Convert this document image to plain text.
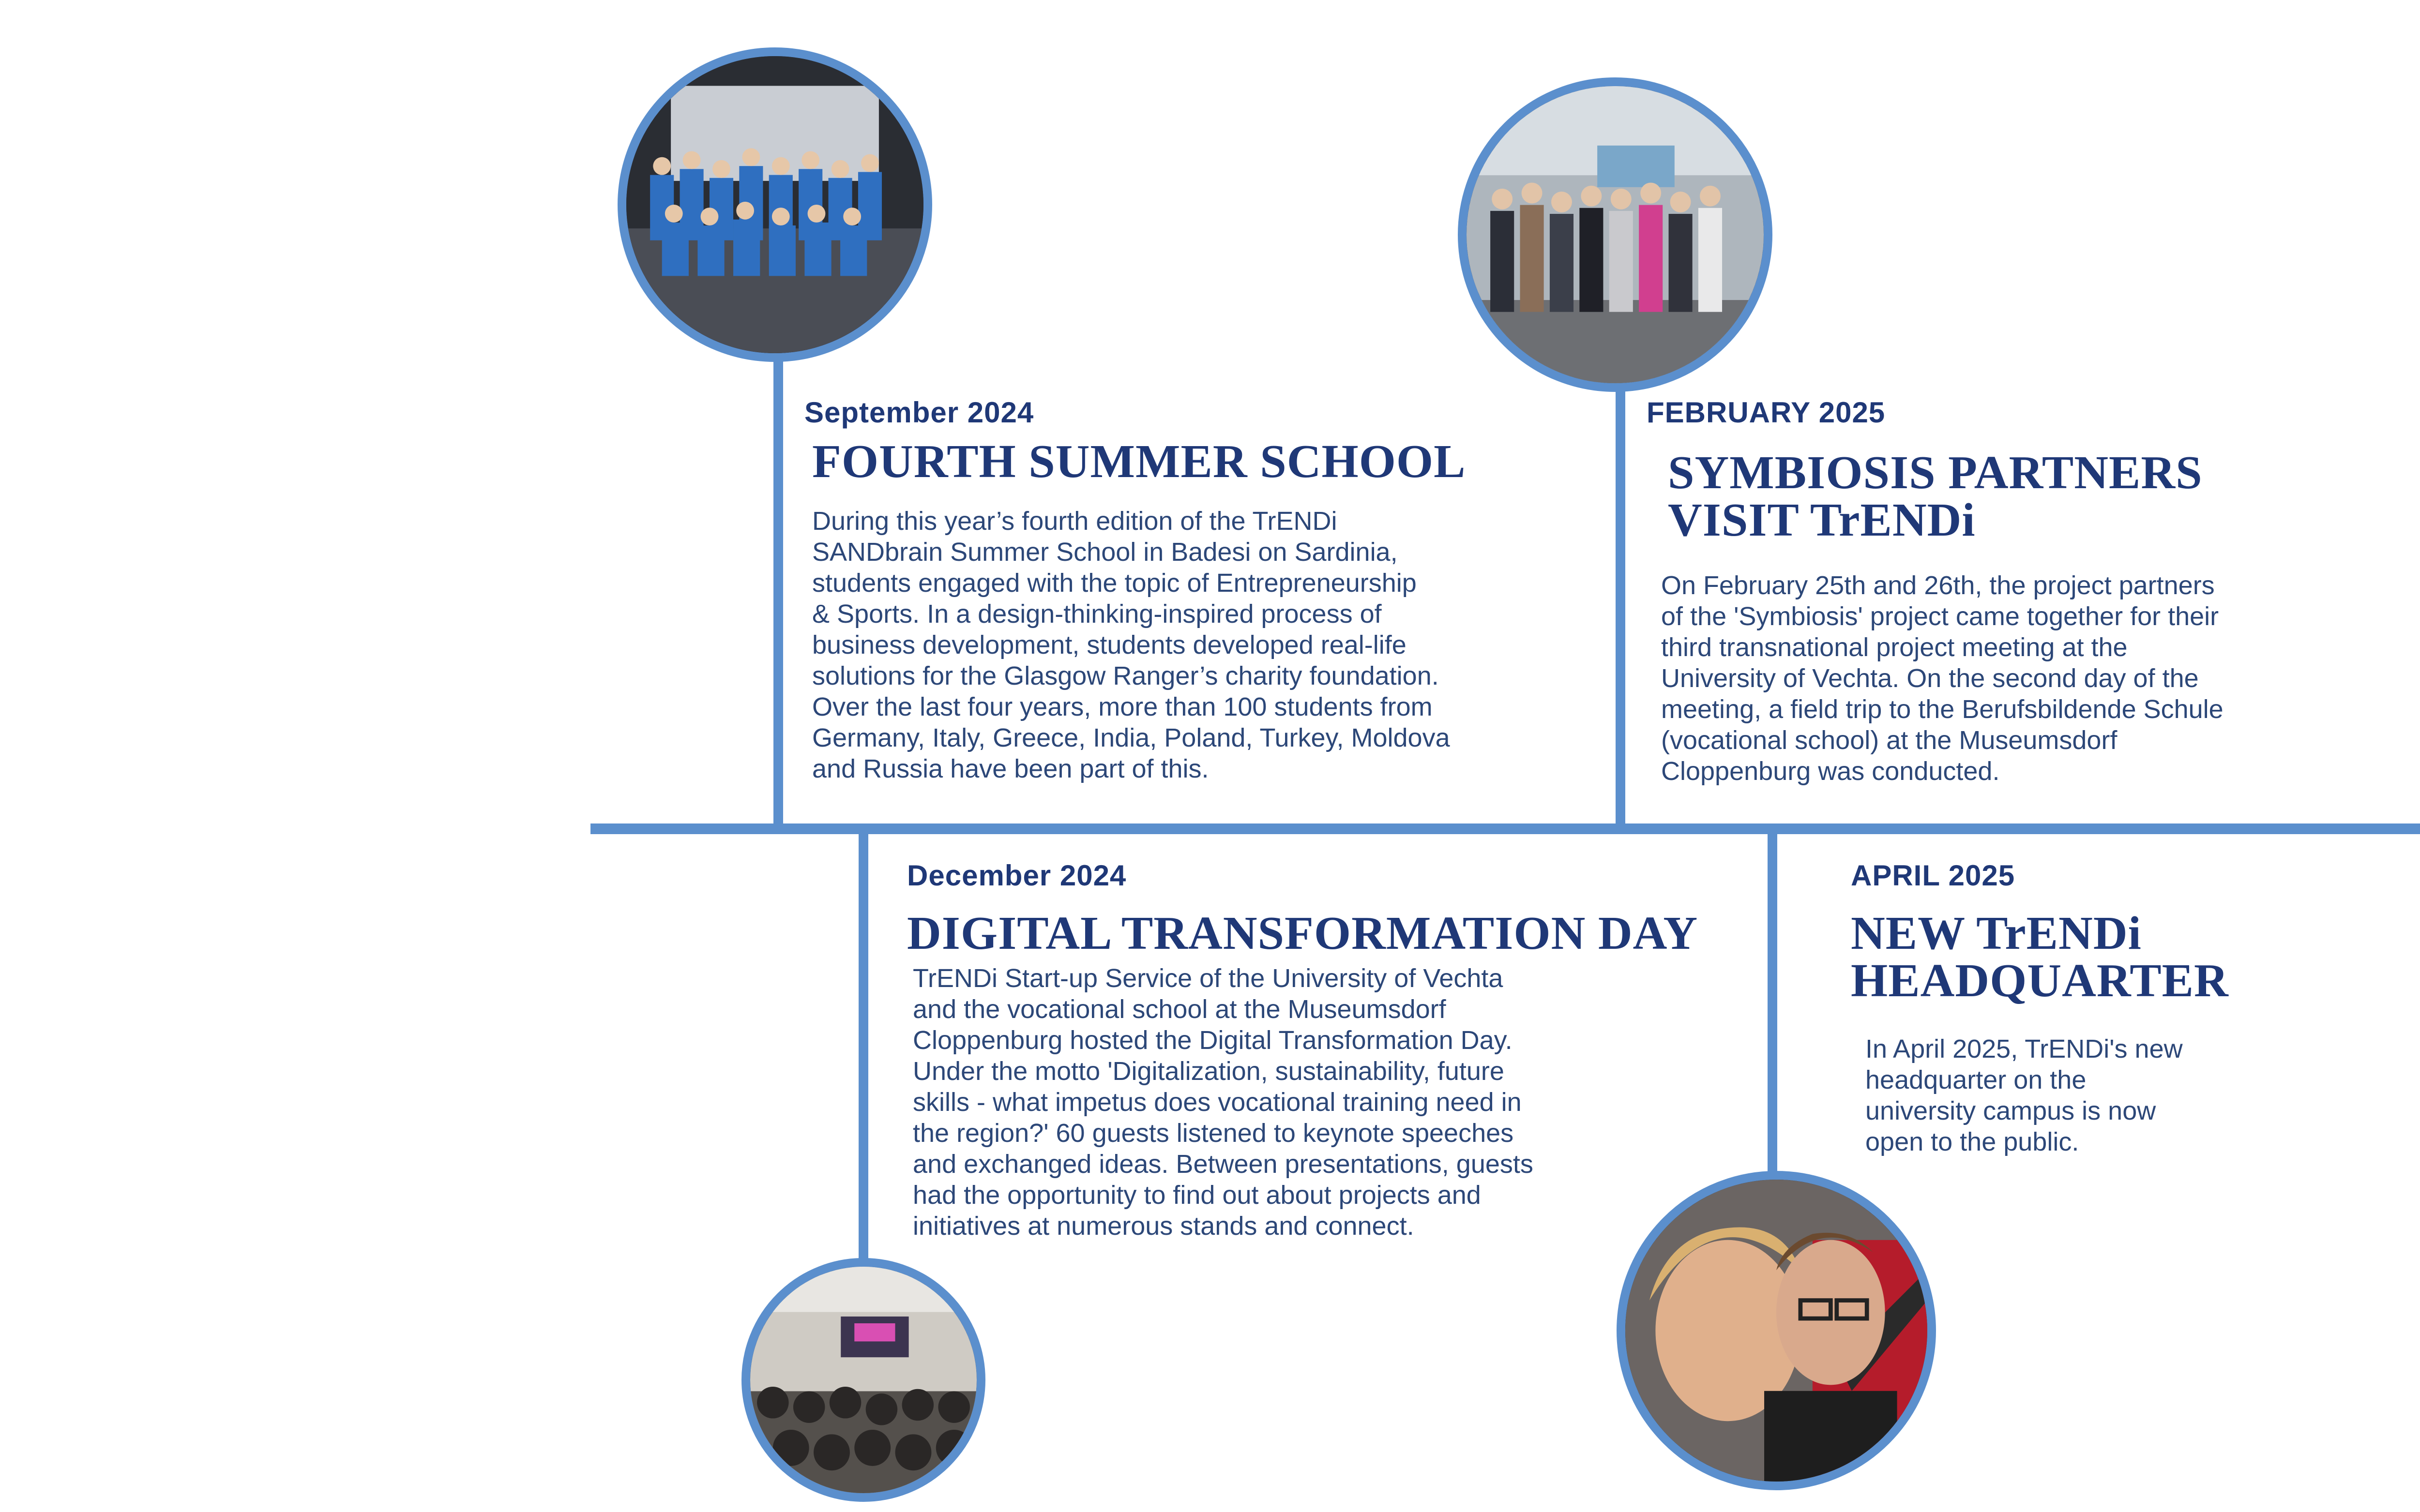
September 2024
FOURTH SUMMER SCHOOL
During this year’s fourth edition of the TrENDi
SANDbrain Summer School in Badesi on Sardinia,
students engaged with the topic of Entrepreneurship
& Sports. In a design-thinking-inspired process of
business development, students developed real-life
solutions for the Glasgow Ranger’s charity foundation.
Over the last four years, more than 100 students from
Germany, Italy, Greece, India, Poland, Turkey, Moldova
and Russia have been part of this.
FEBRUARY 2025
SYMBIOSIS PARTNERS
VISIT TrENDi
On February 25th and 26th, the project partners
of the 'Symbiosis' project came together for their
third transnational project meeting at the
University of Vechta. On the second day of the
meeting, a field trip to the Berufsbildende Schule
(vocational school) at the Museumsdorf
Cloppenburg was conducted.
December 2024
DIGITAL TRANSFORMATION DAY
TrENDi Start-up Service of the University of Vechta
and the vocational school at the Museumsdorf
Cloppenburg hosted the Digital Transformation Day.
Under the motto 'Digitalization, sustainability, future
skills - what impetus does vocational training need in
the region?' 60 guests listened to keynote speeches
and exchanged ideas. Between presentations, guests
had the opportunity to find out about projects and
initiatives at numerous stands and connect.
APRIL 2025
NEW TrENDi
HEADQUARTER
In April 2025, TrENDi's new
headquarter on the
university campus is now
open to the public.
